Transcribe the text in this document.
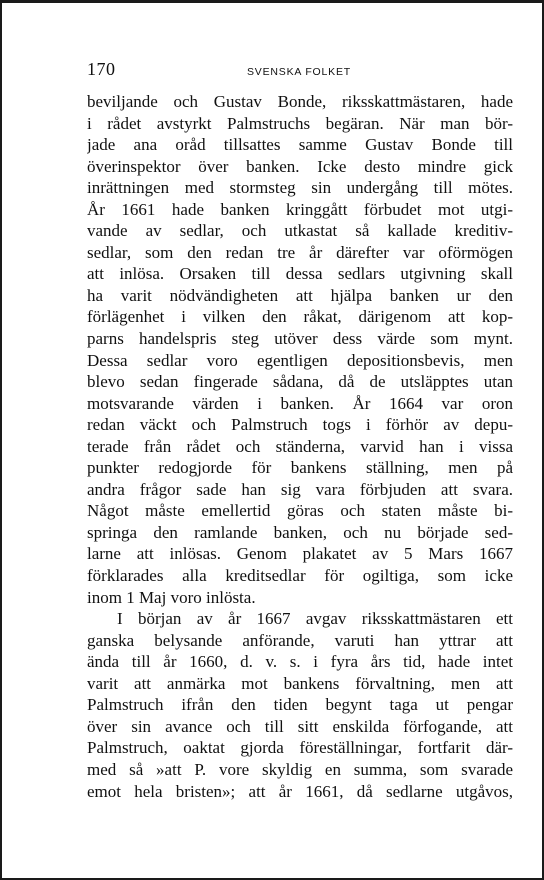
170	SVENSKA FOLKET
beviljande och Gustav Bonde, riksskattmästaren, hade
i rådet avstyrkt Palmstruchs begäran. När man bör-
jade ana oråd tillsattes samme Gustav Bonde till
överinspektor över banken. Icke desto mindre gick
inrättningen med stormsteg sin undergång till mötes.
År 1661 hade banken kringgått förbudet mot utgi-
vande av sedlar, och utkastat så kallade kreditiv-
sedlar, som den redan tre år därefter var oförmögen
att inlösa. Orsaken till dessa sedlars utgivning skall
ha varit nödvändigheten att hjälpa banken ur den
förlägenhet i vilken den råkat, därigenom att kop-
parns handelspris steg utöver dess värde som mynt.
Dessa sedlar voro egentligen depositionsbevis, men
blevo sedan fingerade sådana, då de utsläpptes utan
motsvarande värden i banken. År 1664 var oron
redan väckt och Palmstruch togs i förhör av depu-
terade från rådet och ständerna, varvid han i vissa
punkter redogjorde för bankens ställning, men på
andra frågor sade han sig vara förbjuden att svara.
Något måste emellertid göras och staten måste bi-
springa den ramlande banken, och nu började sed-
larne att inlösas. Genom plakatet av 5 Mars 1667
förklarades alla kreditsedlar för ogiltiga, som icke
inom 1 Maj voro inlösta.
I början av år 1667 avgav riksskattmästaren ett
ganska belysande anförande, varuti han yttrar att
ända till år 1660, d. v. s. i fyra års tid, hade intet
varit att anmärka mot bankens förvaltning, men att
Palmstruch ifrån den tiden begynt taga ut pengar
över sin avance och till sitt enskilda förfogande, att
Palmstruch, oaktat gjorda föreställningar, fortfarit där-
med så »att P. vore skyldig en summa, som svarade
emot hela bristen»; att år 1661, då sedlarne utgåvos,
